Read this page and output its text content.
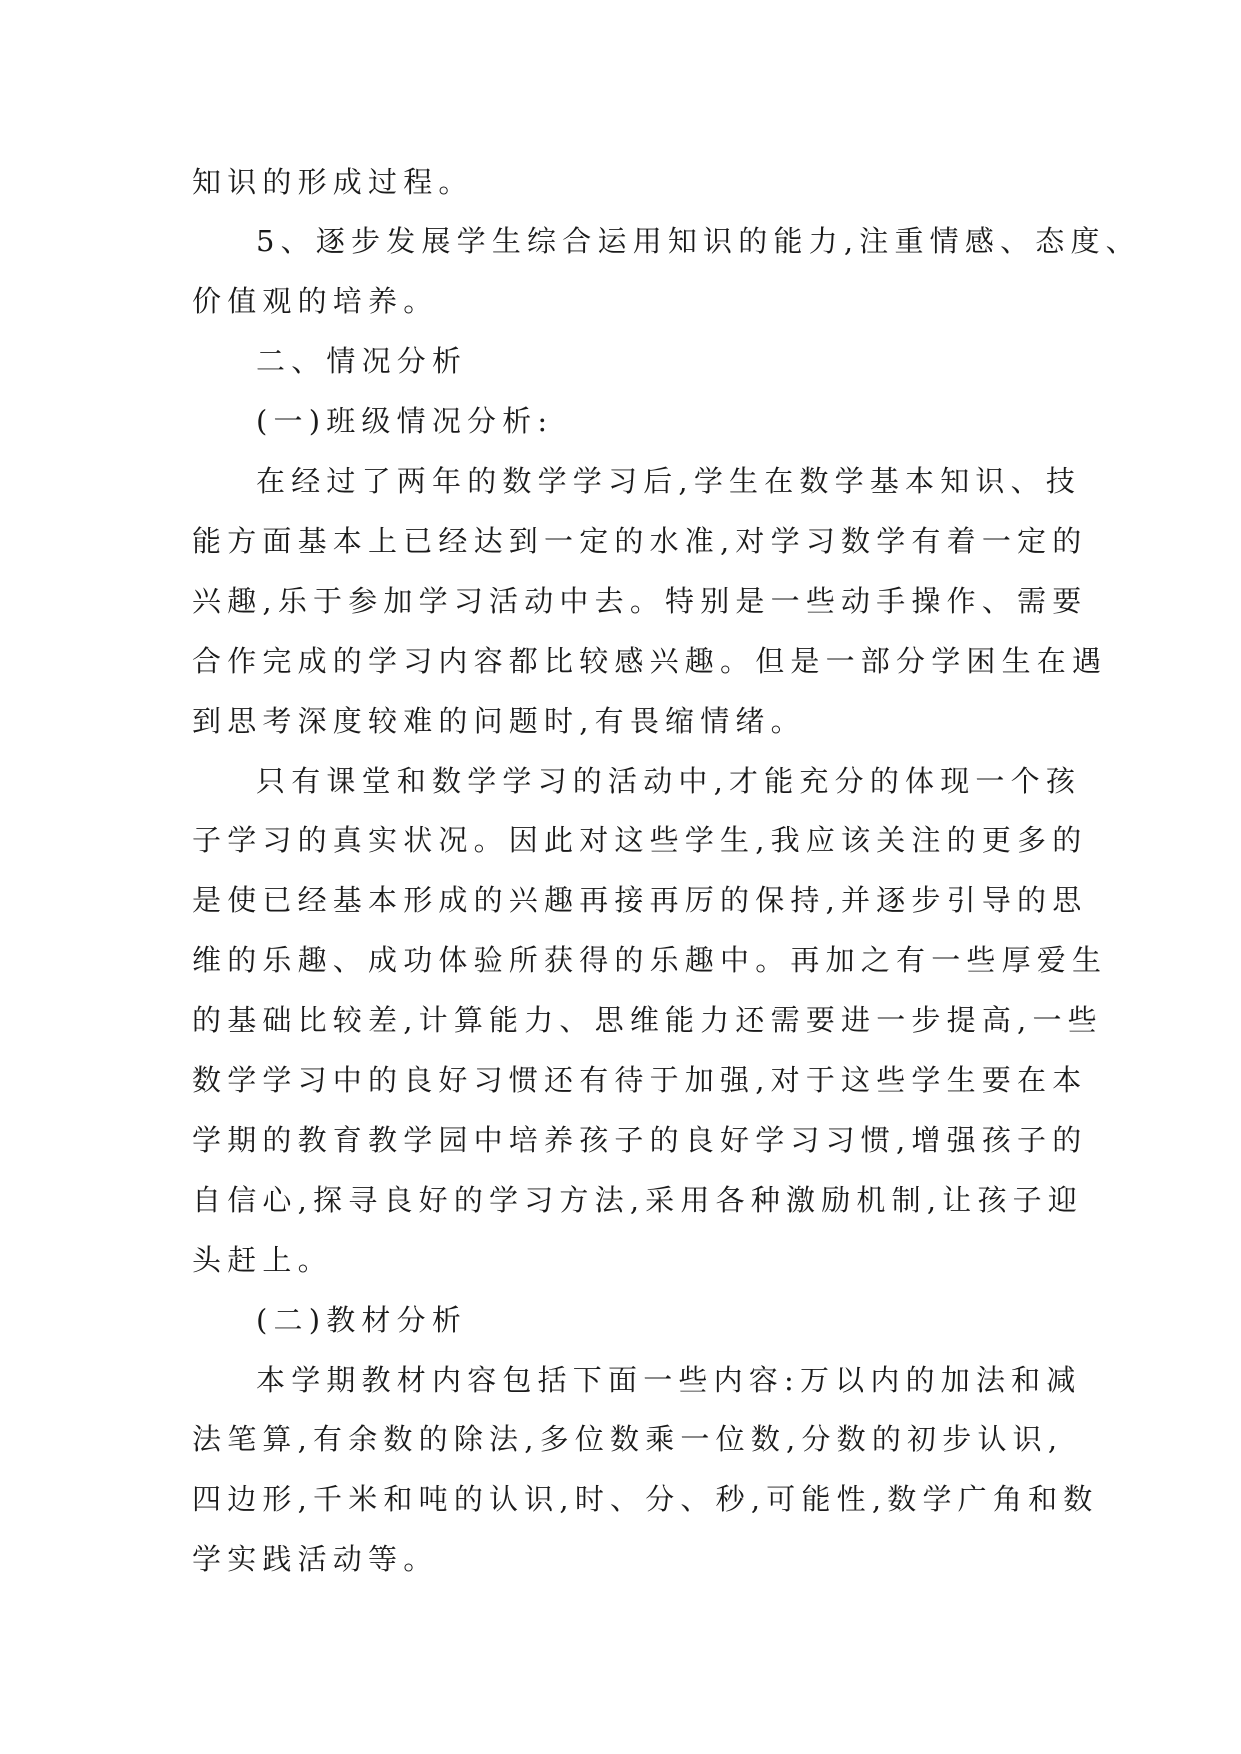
知识的形成过程。
5、逐步发展学生综合运用知识的能力,注重情感、态度、
价值观的培养。
二、情况分析
(一)班级情况分析:
在经过了两年的数学学习后,学生在数学基本知识、技
能方面基本上已经达到一定的水准,对学习数学有着一定的
兴趣,乐于参加学习活动中去。特别是一些动手操作、需要
合作完成的学习内容都比较感兴趣。但是一部分学困生在遇
到思考深度较难的问题时,有畏缩情绪。
只有课堂和数学学习的活动中,才能充分的体现一个孩
子学习的真实状况。因此对这些学生,我应该关注的更多的
是使已经基本形成的兴趣再接再厉的保持,并逐步引导的思
维的乐趣、成功体验所获得的乐趣中。再加之有一些厚爱生
的基础比较差,计算能力、思维能力还需要进一步提高,一些
数学学习中的良好习惯还有待于加强,对于这些学生要在本
学期的教育教学园中培养孩子的良好学习习惯,增强孩子的
自信心,探寻良好的学习方法,采用各种激励机制,让孩子迎
头赶上。
(二)教材分析
本学期教材内容包括下面一些内容:万以内的加法和减
法笔算,有余数的除法,多位数乘一位数,分数的初步认识,
四边形,千米和吨的认识,时、分、秒,可能性,数学广角和数
学实践活动等。
